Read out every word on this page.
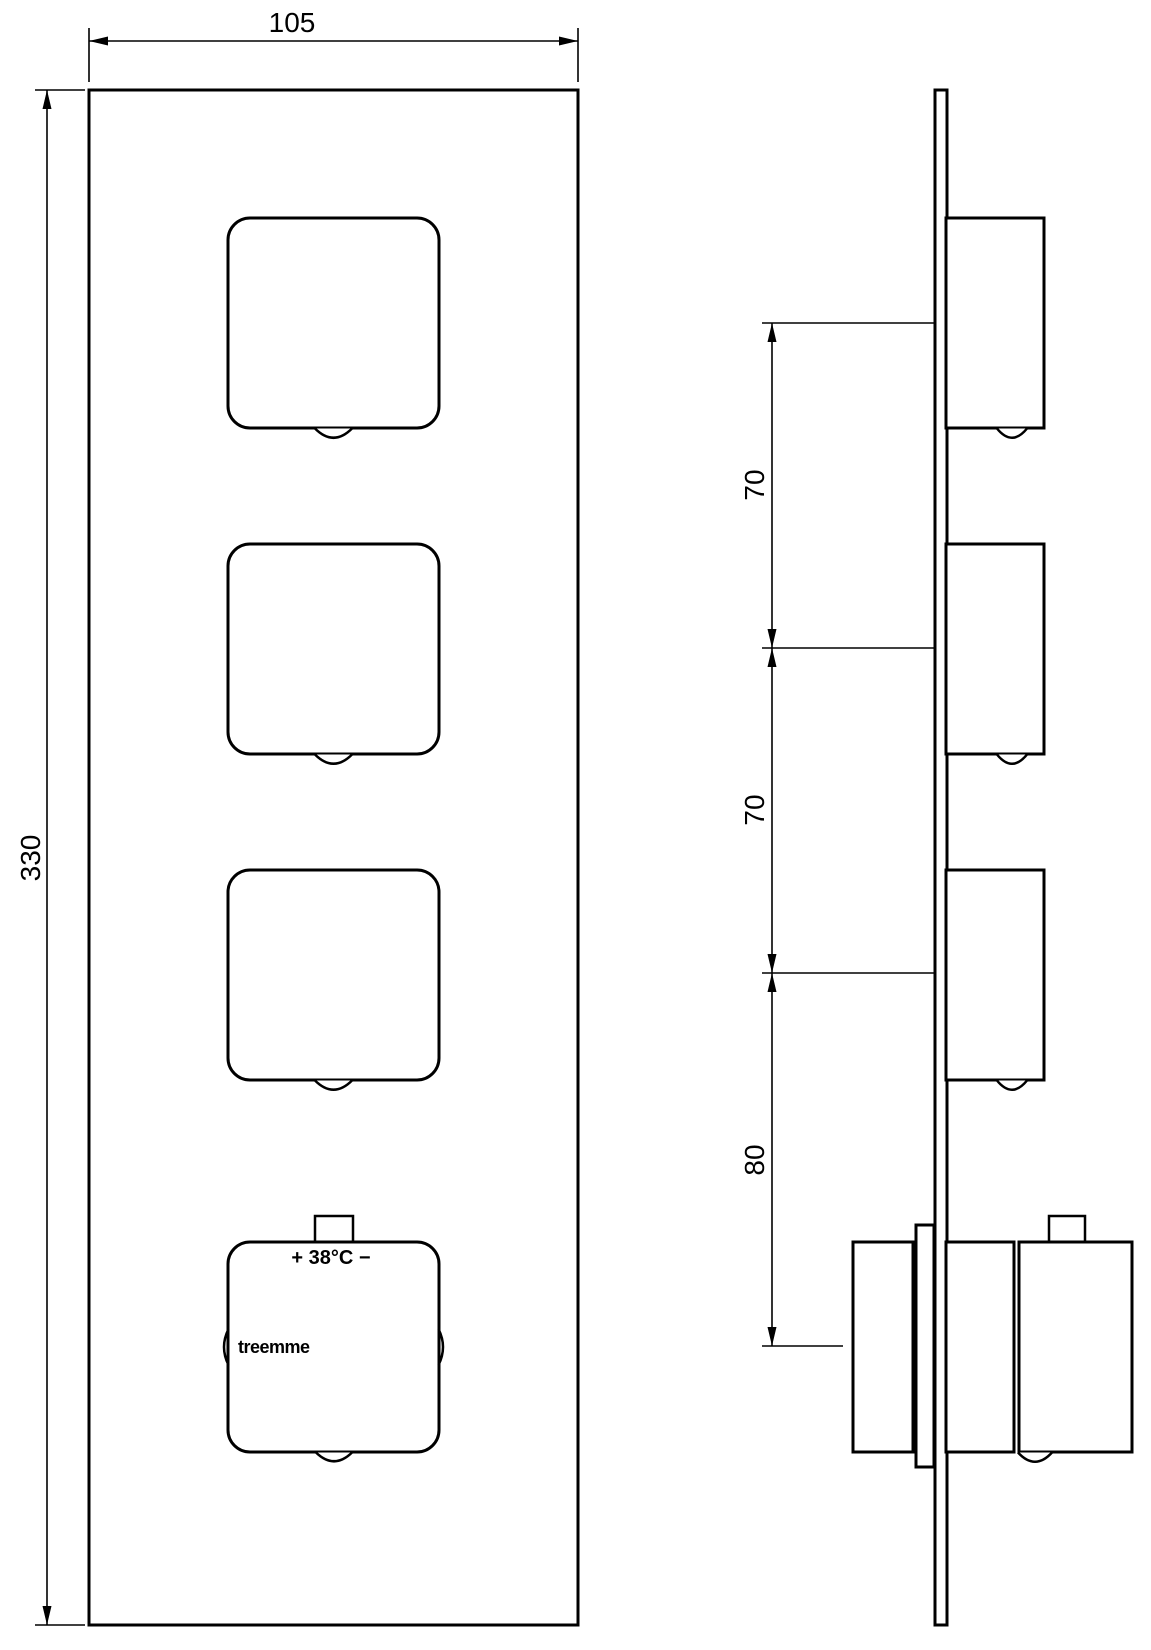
+ 38°C −
treemme
105
330
70
70
80
